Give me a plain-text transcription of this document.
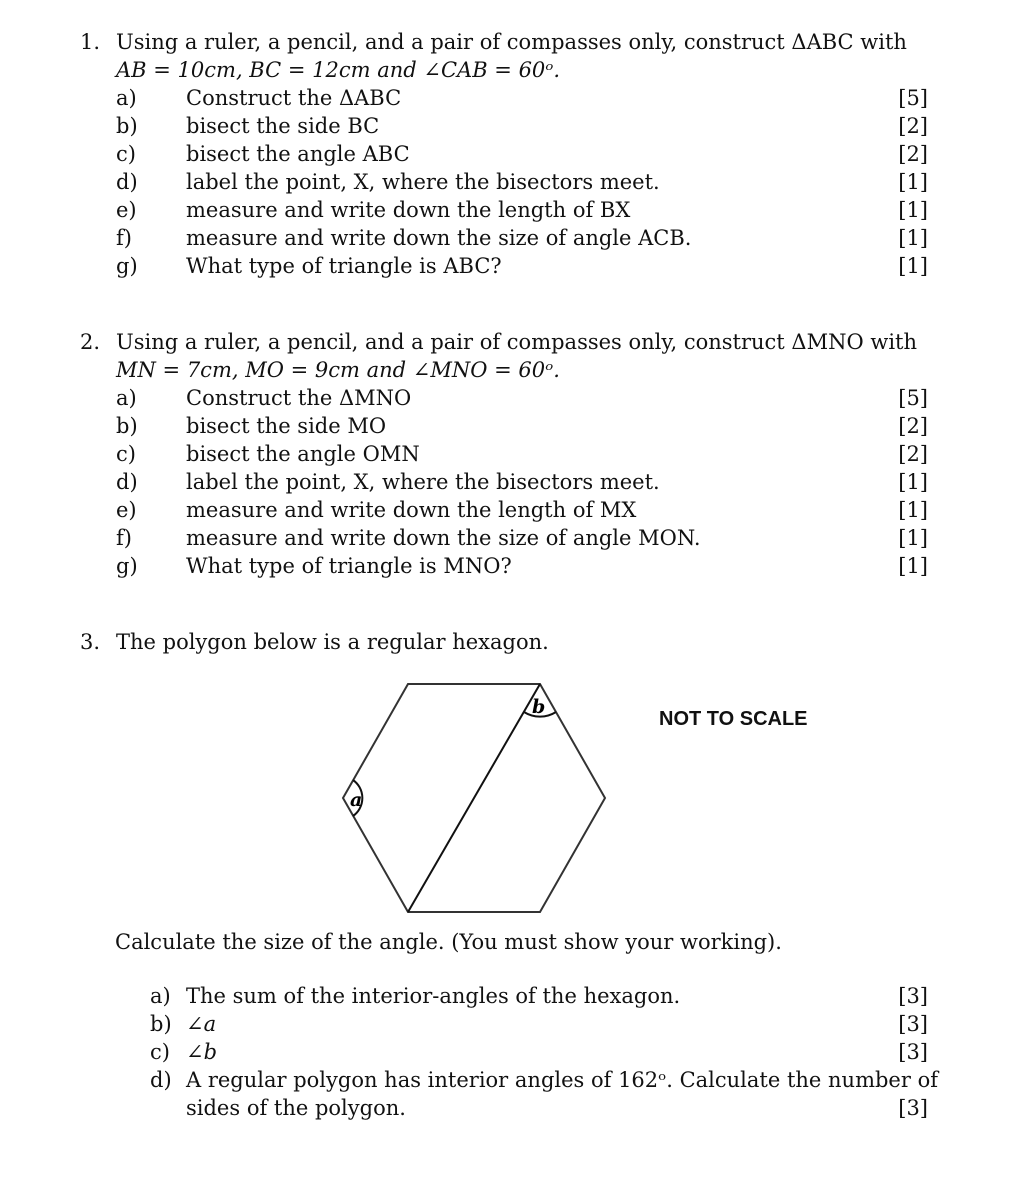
1. Using a ruler, a pencil, and a pair of compasses only, construct ΔABC with
AB = 10cm, BC = 12cm and ∠CAB = 60ᵒ.
a) Construct the ΔABC	[5]
b) bisect the side BC	[2]
c) bisect the angle ABC	[2]
d) label the point, X, where the bisectors meet.	[1]
e) measure and write down the length of BX	[1]
f)	measure and write down the size of angle ACB.	[1]
g) What type of triangle is ABC?	[1]
2. Using a ruler, a pencil, and a pair of compasses only, construct ΔMNO with
MN = 7cm, MO = 9cm and ∠MNO = 60ᵒ.
a) Construct the ΔMNO	[5]
b) bisect the side MO	[2]
c) bisect the angle OMN	[2]
d) label the point, X, where the bisectors meet.	[1]
e) measure and write down the length of MX	[1]
f)	measure and write down the size of angle MON.	[1]
g) What type of triangle is MNO?	[1]
3. The polygon below is a regular hexagon.
a
b
NOT TO SCALE
Calculate the size of the angle. (You must show your working).
a) The sum of the interior-angles of the hexagon.	[3]
b) ∠a	[3]
c) ∠b	[3]
d) A regular polygon has interior angles of 162ᵒ. Calculate the number of
sides of the polygon.	[3]
